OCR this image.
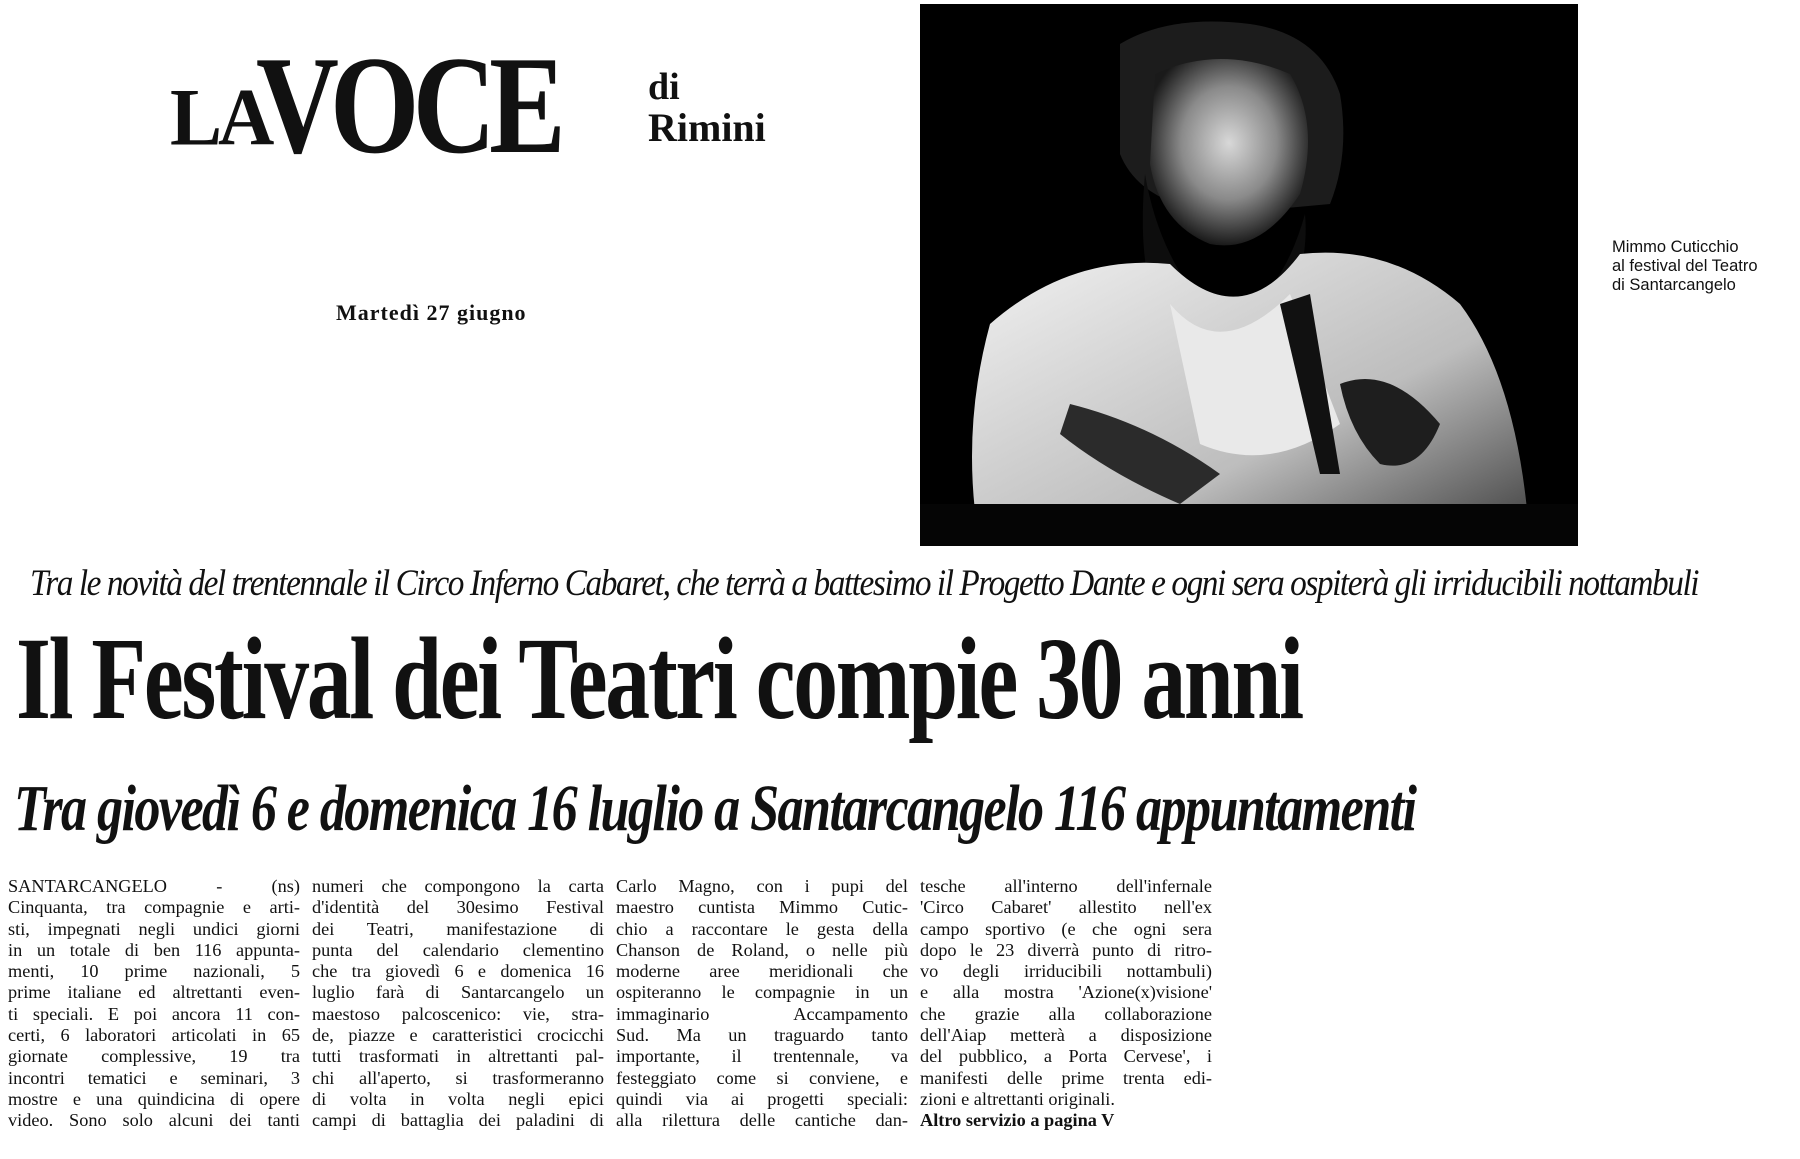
LA
VOCE di
Rimini
Martedì 27 giugno
Mimmo Cuticchio
al festival del Teatro
di Santarcangelo
Tra le novità del trentennale il Circo Inferno Cabaret, che terrà a battesimo il Progetto Dante e ogni sera ospiterà gli irriducibili nottambuli
Il Festival dei Teatri compie 30 anni
Tra giovedì 6 e domenica 16 luglio a Santarcangelo 116 appuntamenti
SANTARCANGELO - (ns)
Cinquanta, tra compagnie e arti-
sti, impegnati negli undici giorni
in un totale di ben 116 appunta-
menti, 10 prime nazionali, 5
prime italiane ed altrettanti even-
ti speciali. E poi ancora 11 con-
certi, 6 laboratori articolati in 65
giornate complessive, 19 tra
incontri tematici e seminari, 3
mostre e una quindicina di opere
video. Sono solo alcuni dei tanti
numeri che compongono la carta
d'identità del 30esimo Festival
dei Teatri, manifestazione di
punta del calendario clementino
che tra giovedì 6 e domenica 16
luglio farà di Santarcangelo un
maestoso palcoscenico: vie, stra-
de, piazze e caratteristici crocicchi
tutti trasformati in altrettanti pal-
chi all'aperto, si trasformeranno
di volta in volta negli epici
campi di battaglia dei paladini di
Carlo Magno, con i pupi del
maestro cuntista Mimmo Cutic-
chio a raccontare le gesta della
Chanson de Roland, o nelle più
moderne aree meridionali che
ospiteranno le compagnie in un
immaginario Accampamento
Sud. Ma un traguardo tanto
importante, il trentennale, va
festeggiato come si conviene, e
quindi via ai progetti speciali:
alla rilettura delle cantiche dan-
tesche all'interno dell'infernale
'Circo Cabaret' allestito nell'ex
campo sportivo (e che ogni sera
dopo le 23 diverrà punto di ritro-
vo degli irriducibili nottambuli)
e alla mostra 'Azione(x)visione'
che grazie alla collaborazione
dell'Aiap metterà a disposizione
del pubblico, a Porta Cervese', i
manifesti delle prime trenta edi-
zioni e altrettanti originali.
Altro servizio a pagina V
